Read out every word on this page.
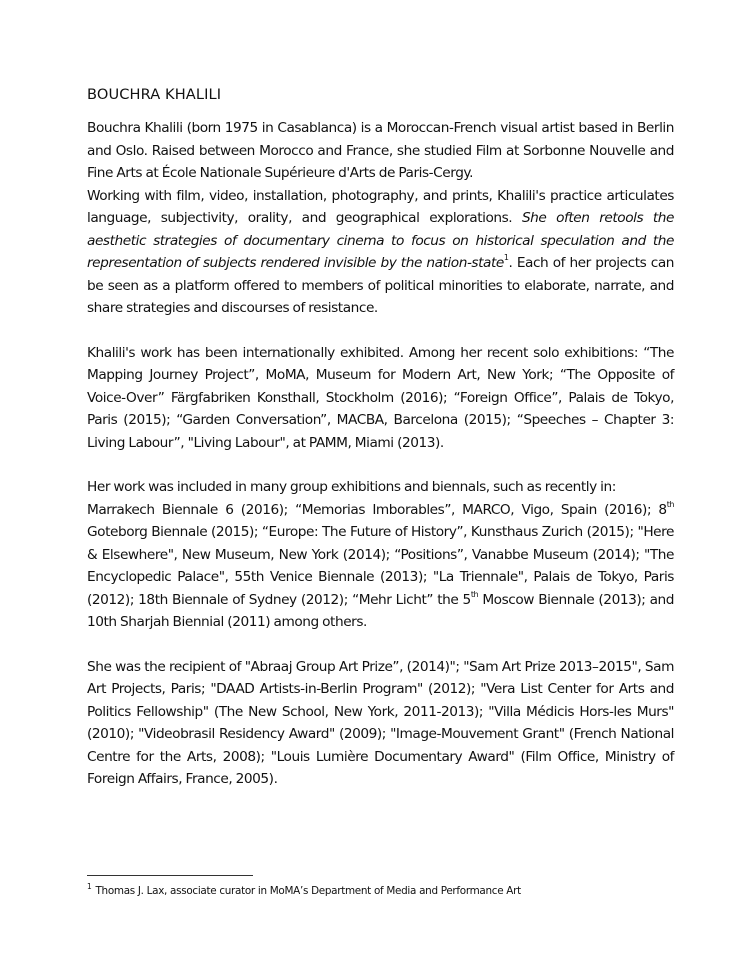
BOUCHRA KHALILI

Bouchra Khalili (born 1975 in Casablanca) is a Moroccan-French visual artist based in Berlin and Oslo. Raised between Morocco and France, she studied Film at Sorbonne Nouvelle and Fine Arts at École Nationale Supérieure d'Arts de Paris-Cergy.
Working with film, video, installation, photography, and prints, Khalili's practice articulates language, subjectivity, orality, and geographical explorations. She often retools the aesthetic strategies of documentary cinema to focus on historical speculation and the representation of subjects rendered invisible by the nation-state$^1$. Each of her projects can be seen as a platform offered to members of political minorities to elaborate, narrate, and share strategies and discourses of resistance.

Khalili's work has been internationally exhibited. Among her recent solo exhibitions: “The Mapping Journey Project”, MoMA, Museum for Modern Art, New York; “The Opposite of Voice-Over” Färgfabriken Konsthall, Stockholm (2016); “Foreign Office”, Palais de Tokyo, Paris (2015); “Garden Conversation”, MACBA, Barcelona (2015); “Speeches – Chapter 3: Living Labour”, "Living Labour", at PAMM, Miami (2013).

Her work was included in many group exhibitions and biennals, such as recently in:
Marrakech Biennale 6 (2016); “Memorias Imborables”, MARCO, Vigo, Spain (2016); 8th Goteborg Biennale (2015); “Europe: The Future of History”, Kunsthaus Zurich (2015); "Here & Elsewhere", New Museum, New York (2014); “Positions”, Vanabbe Museum (2014); "The Encyclopedic Palace", 55th Venice Biennale (2013); "La Triennale", Palais de Tokyo, Paris (2012); 18th Biennale of Sydney (2012); “Mehr Licht” the 5th Moscow Biennale (2013); and 10th Sharjah Biennial (2011) among others.

She was the recipient of "Abraaj Group Art Prize”, (2014)"; "Sam Art Prize 2013–2015", Sam Art Projects, Paris; "DAAD Artists-in-Berlin Program" (2012); "Vera List Center for Arts and Politics Fellowship" (The New School, New York, 2011-2013); "Villa Médicis Hors-les Murs" (2010); "Videobrasil Residency Award" (2009); "Image-Mouvement Grant" (French National Centre for the Arts, 2008); "Louis Lumière Documentary Award" (Film Office, Ministry of Foreign Affairs, France, 2005).

$^1$ Thomas J. Lax, associate curator in MoMA’s Department of Media and Performance Art
